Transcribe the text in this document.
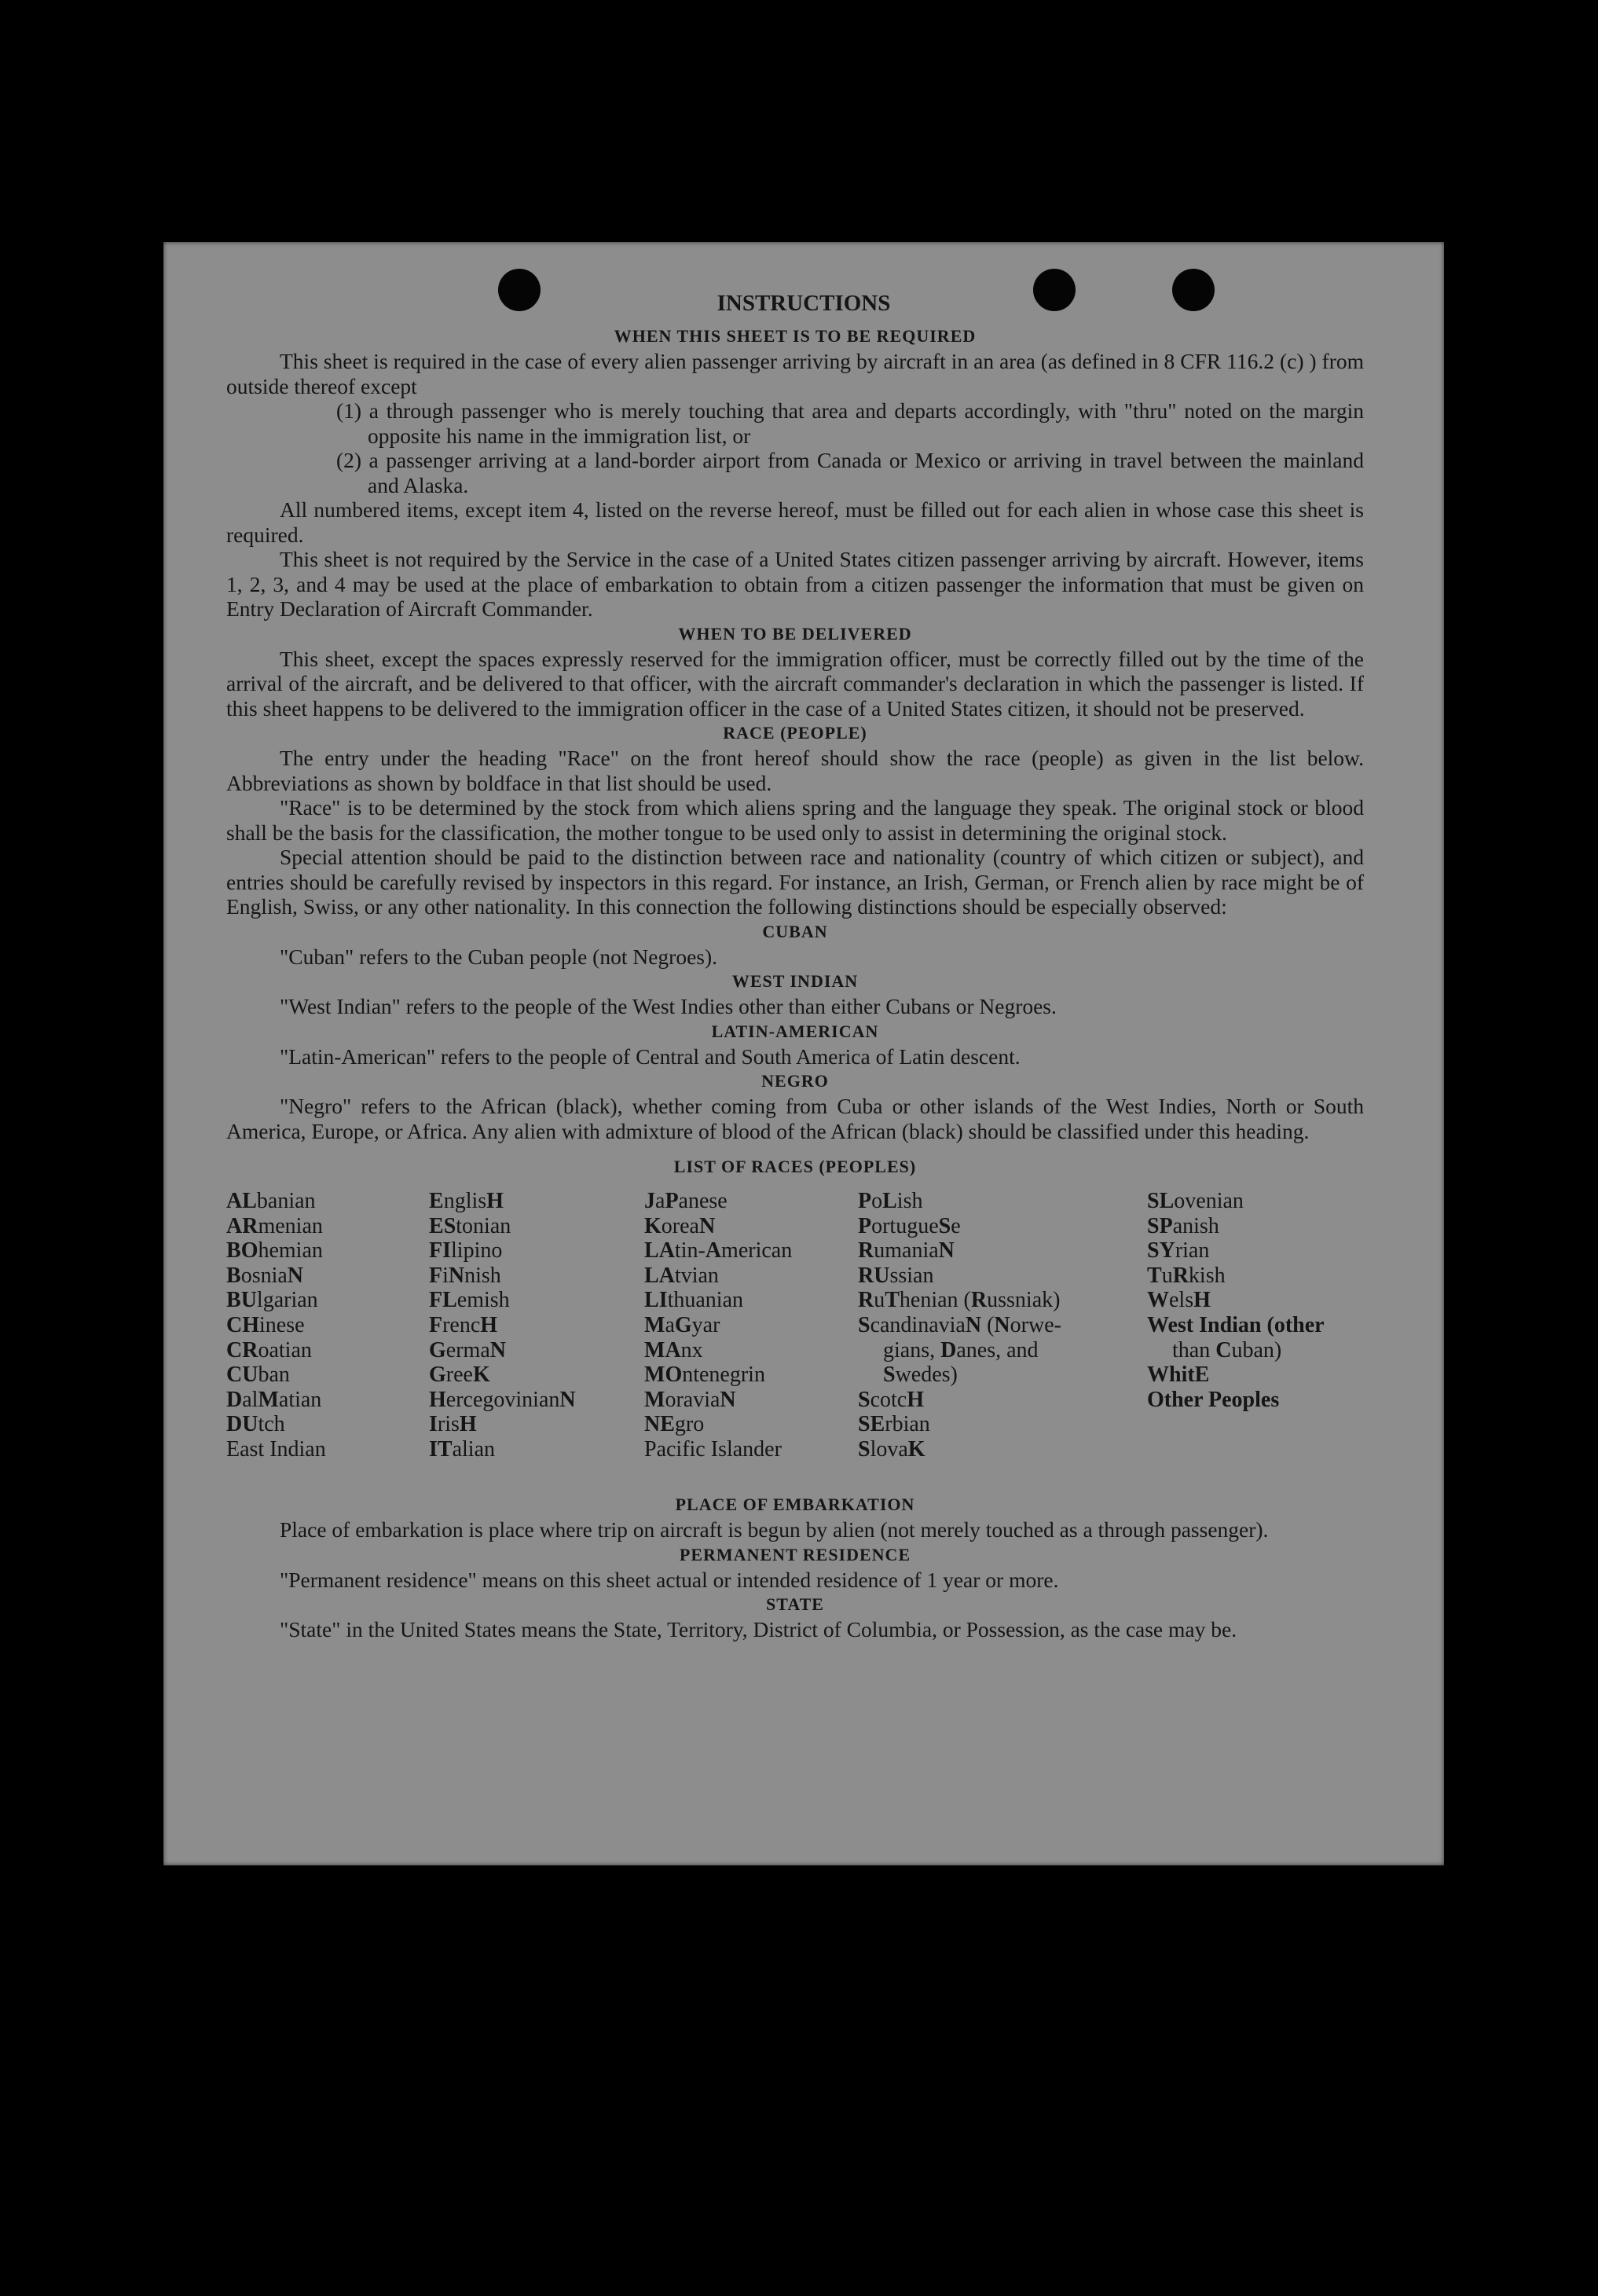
INSTRUCTIONS
WHEN THIS SHEET IS TO BE REQUIRED

This sheet is required in the case of every alien passenger arriving by aircraft in an area (as defined in 8 CFR 116.2 (c) ) from outside thereof except

(1) a through passenger who is merely touching that area and departs accordingly, with "thru" noted on the margin opposite his name in the immigration list, or

(2) a passenger arriving at a land-border airport from Canada or Mexico or arriving in travel between the mainland and Alaska.

All numbered items, except item 4, listed on the reverse hereof, must be filled out for each alien in whose case this sheet is required.

This sheet is not required by the Service in the case of a United States citizen passenger arriving by aircraft. However, items 1, 2, 3, and 4 may be used at the place of embarkation to obtain from a citizen passenger the information that must be given on Entry Declaration of Aircraft Commander.

WHEN TO BE DELIVERED

This sheet, except the spaces expressly reserved for the immigration officer, must be correctly filled out by the time of the arrival of the aircraft, and be delivered to that officer, with the aircraft commander's declaration in which the passenger is listed. If this sheet happens to be delivered to the immigration officer in the case of a United States citizen, it should not be preserved.

RACE (PEOPLE)

The entry under the heading "Race" on the front hereof should show the race (people) as given in the list below. Abbreviations as shown by boldface in that list should be used.

"Race" is to be determined by the stock from which aliens spring and the language they speak. The original stock or blood shall be the basis for the classification, the mother tongue to be used only to assist in determining the original stock.

Special attention should be paid to the distinction between race and nationality (country of which citizen or subject), and entries should be carefully revised by inspectors in this regard. For instance, an Irish, German, or French alien by race might be of English, Swiss, or any other nationality. In this connection the following distinctions should be especially observed:

CUBAN

"Cuban" refers to the Cuban people (not Negroes).

WEST INDIAN

"West Indian" refers to the people of the West Indies other than either Cubans or Negroes.

LATIN-AMERICAN

"Latin-American" refers to the people of Central and South America of Latin descent.

NEGRO

"Negro" refers to the African (black), whether coming from Cuba or other islands of the West Indies, North or South America, Europe, or Africa. Any alien with admixture of blood of the African (black) should be classified under this heading.

LIST OF RACES (PEOPLES)
ALbanian
ARmenian
BOhemian
BosniaN
BUlgarian
CHinese
CRoatian
CUban
DalMatian
DUtch
East Indian
EnglisH
EStonian
FIlipino
FiNnish
FLemish
FrencH
GermaN
GreeK
HercegovinianN
IrisH
ITalian
JaPanese
KoreaN
LAtin-American
LAtvian
LIthuanian
MaGyar
MAnx
MOntenegrin
MoraviaN
NEgro
Pacific Islander
PoLish
PortugueSe
RumaniaN
RUssian
RuThenian (Russniak)
ScandinaviaN (Norwe-
gians, Danes, and
Swedes)
ScotcH
SErbian
SlovaK
SLovenian
SPanish
SYrian
TuRkish
WelsH
West Indian (other
than Cuban)
WhitE
Other Peoples
PLACE OF EMBARKATION

Place of embarkation is place where trip on aircraft is begun by alien (not merely touched as a through passenger).

PERMANENT RESIDENCE

"Permanent residence" means on this sheet actual or intended residence of 1 year or more.

STATE

"State" in the United States means the State, Territory, District of Columbia, or Possession, as the case may be.
